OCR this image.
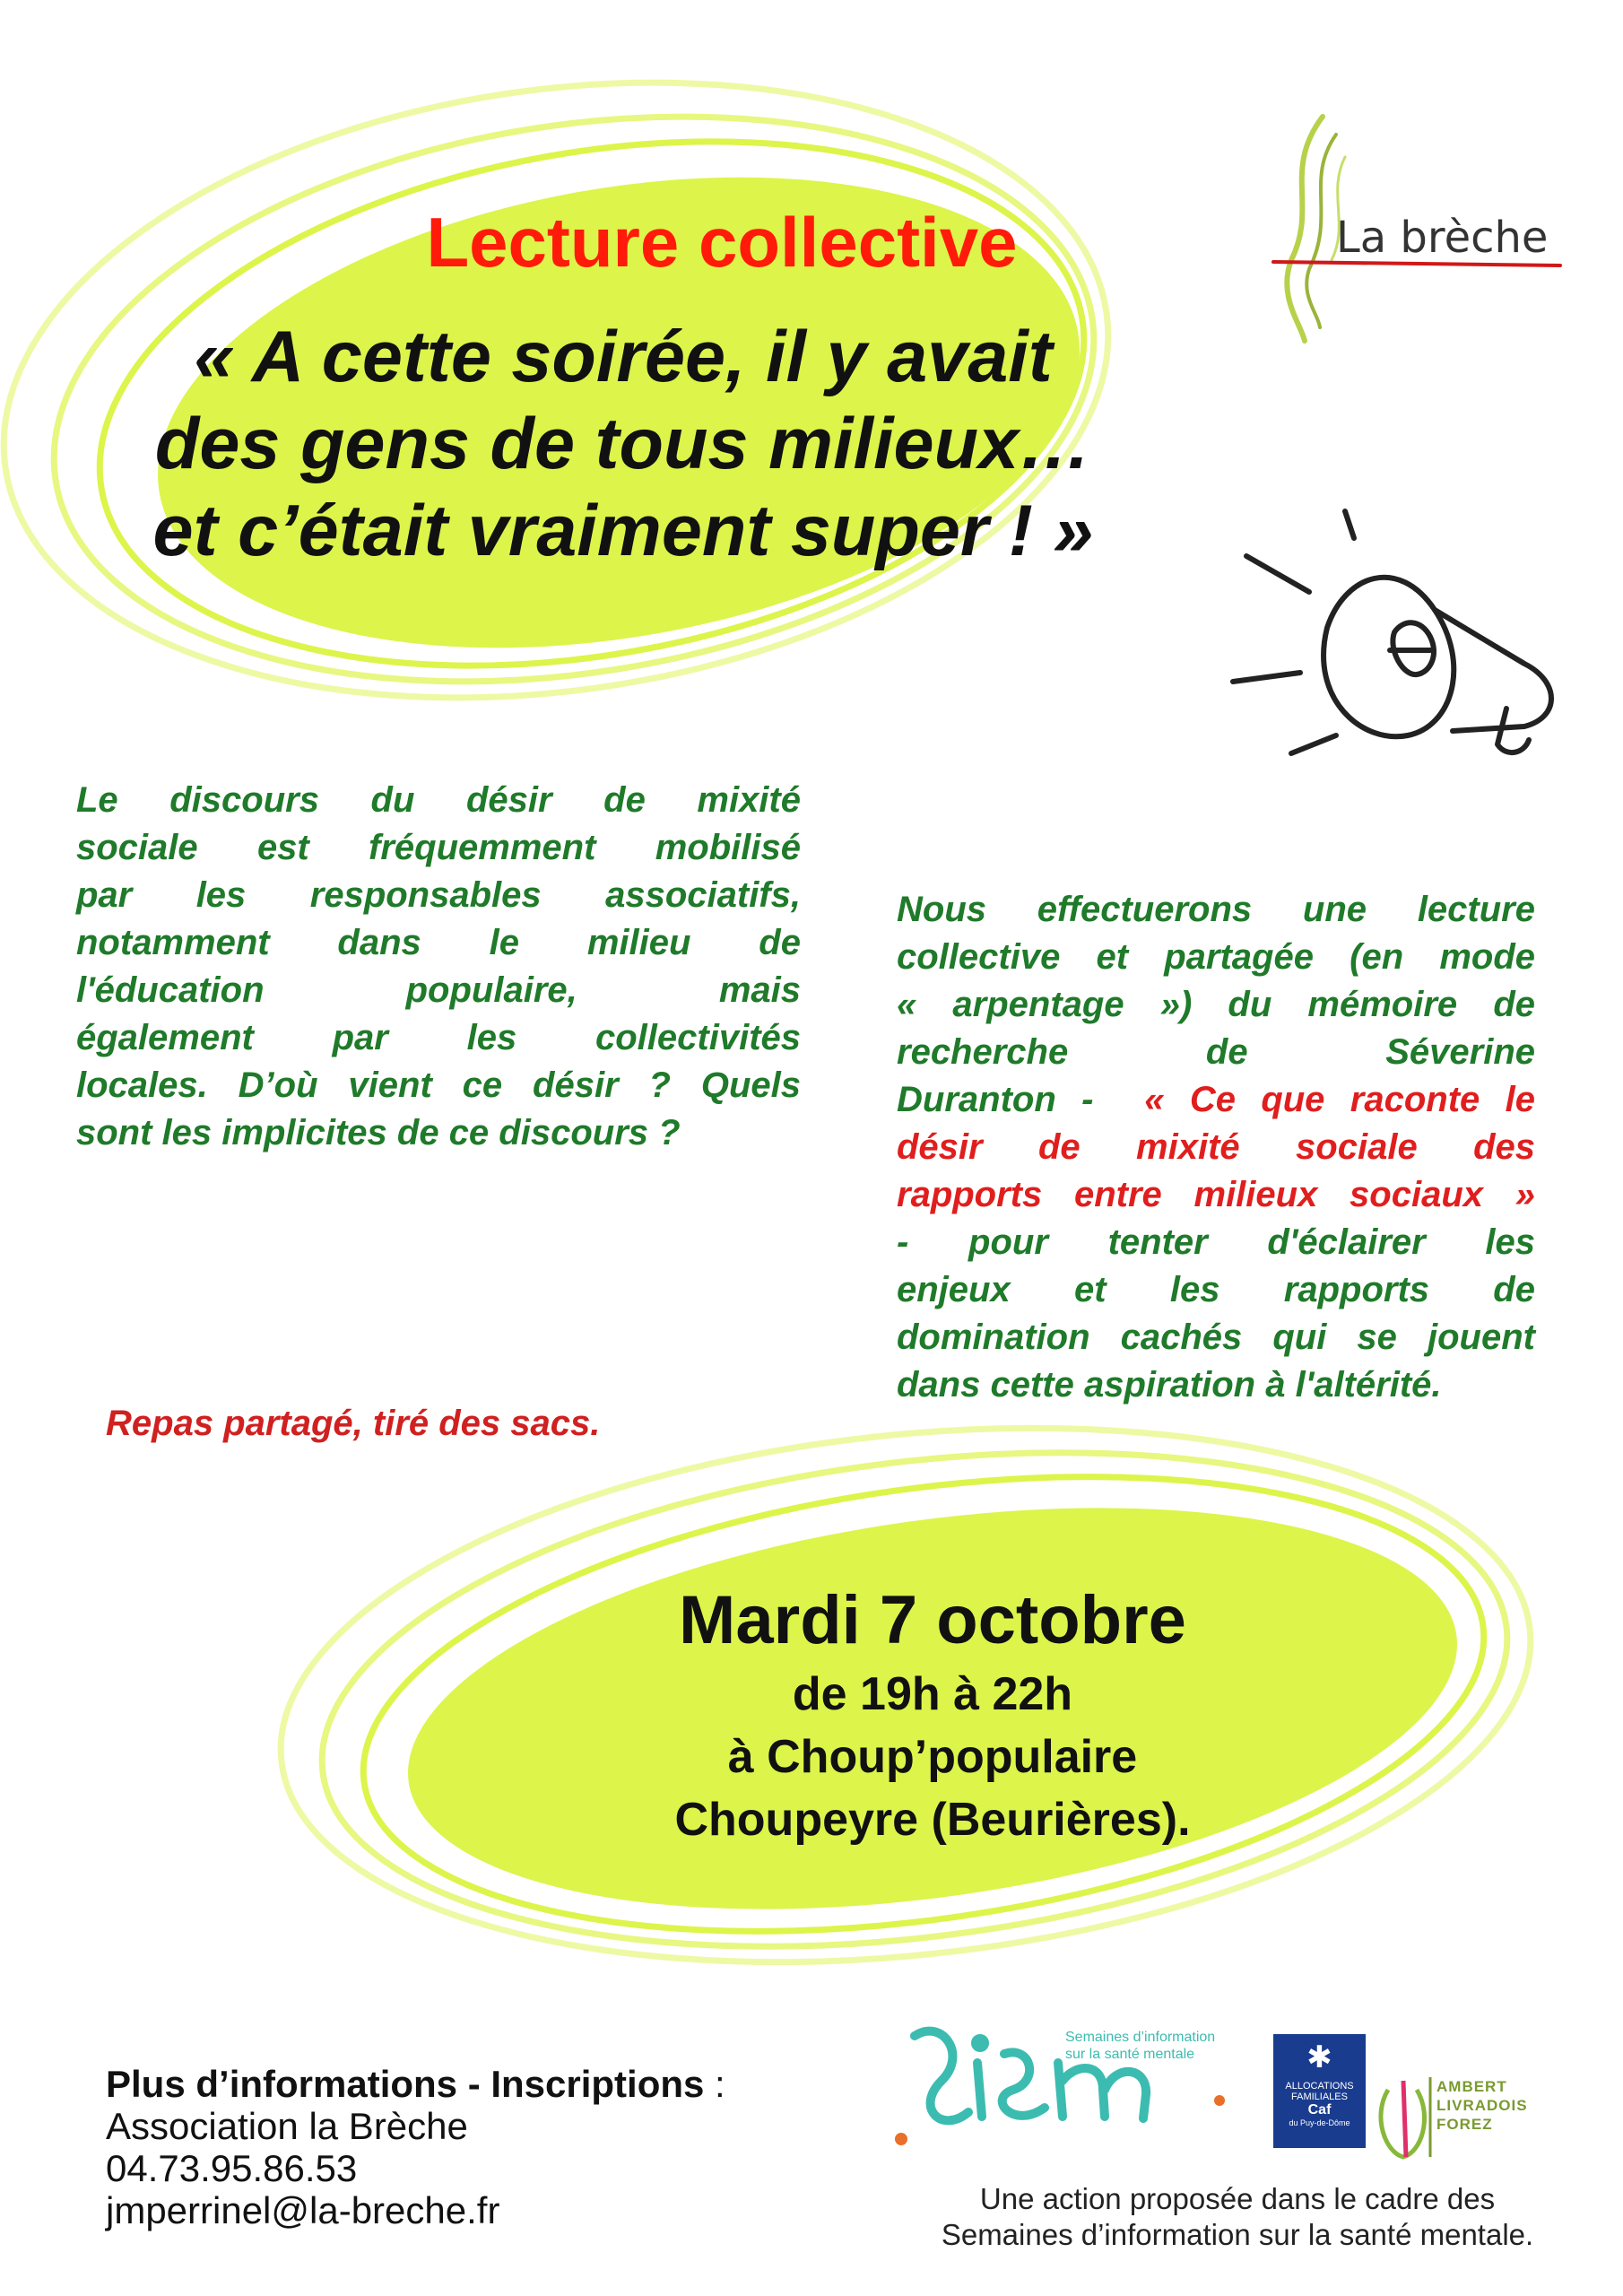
La brèche
Lecture collective
« A cette soirée, il y avait
des gens de tous milieux…
et c’était vraiment super ! »
Le discours du désir de mixité
sociale est fréquemment mobilisé
par les responsables associatifs,
notamment dans le milieu de
l'éducation populaire, mais
également par les collectivités
locales. D’où vient ce désir ? Quels
sont les implicites de ce discours ?
Nous effectuerons une lecture
collective et partagée (en mode
« arpentage ») du mémoire de
recherche de Séverine
Duranton - « Ce que raconte le
désir de mixité sociale des
rapports entre milieux sociaux »
- pour tenter d'éclairer les
enjeux et les rapports de
domination cachés qui se jouent
dans cette aspiration à l'altérité.
Repas partagé, tiré des sacs.
Mardi 7 octobre
de 19h à 22h
à Choup’populaire
Choupeyre (Beurières).
Plus d’informations - Inscriptions :
Association la Brèche
04.73.95.86.53
jmperrinel@la-breche.fr
Semaines d’information
sur la santé mentale	✱
ALLOCATIONS
FAMILIALES
Caf
du Puy-de-Dôme
AMBERT
LIVRADOIS
FOREZ
Une action proposée dans le cadre des
Semaines d’information sur la santé mentale.
